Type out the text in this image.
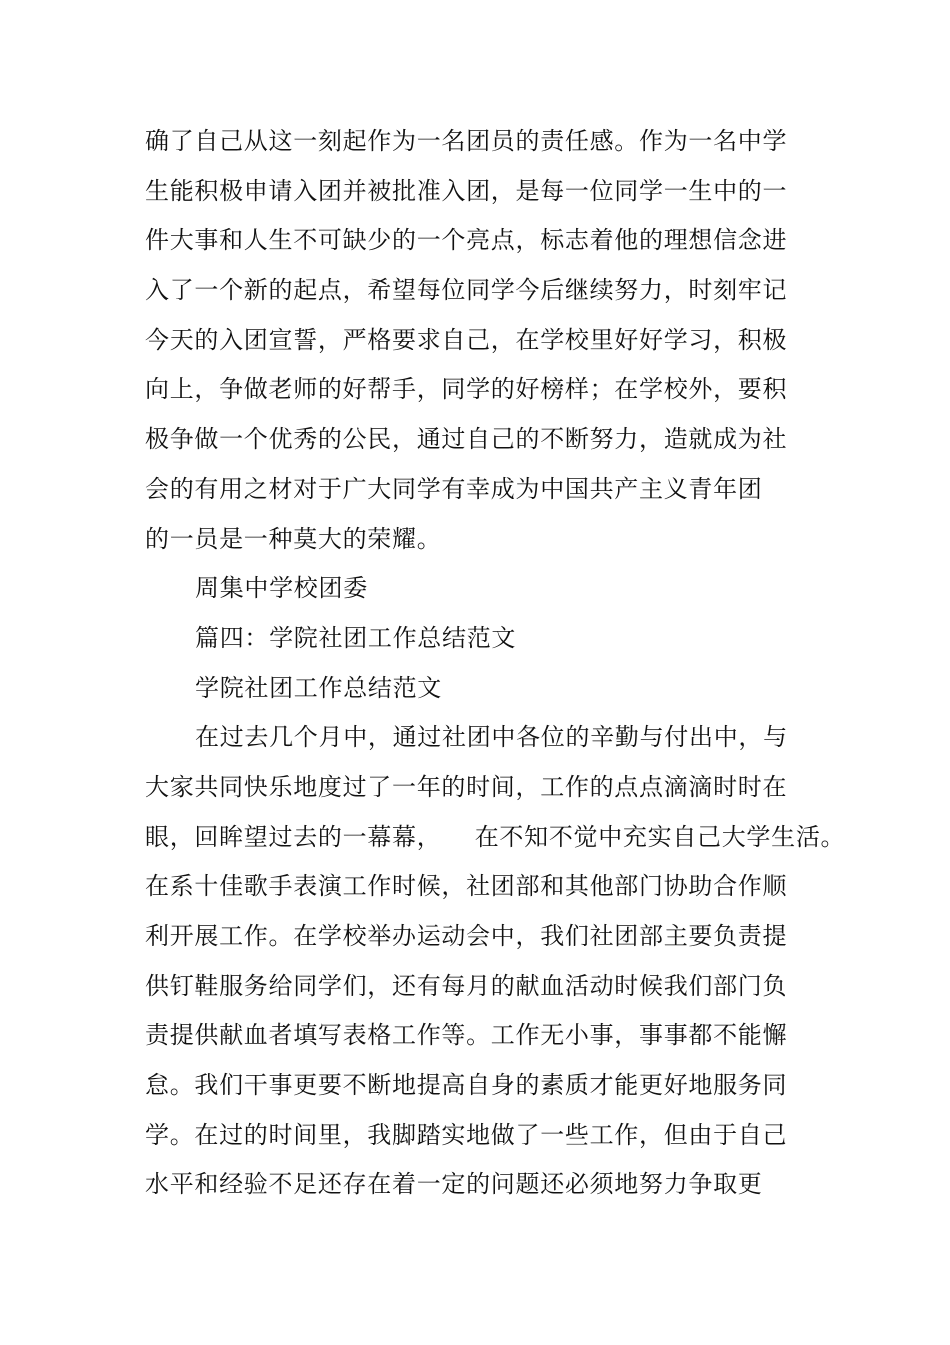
确了自己从这一刻起作为一名团员的责任感。作为一名中学
生能积极申请入团并被批准入团，是每一位同学一生中的一
件大事和人生不可缺少的一个亮点，标志着他的理想信念进
入了一个新的起点，希望每位同学今后继续努力，时刻牢记
今天的入团宣誓，严格要求自己，在学校里好好学习，积极
向上，争做老师的好帮手，同学的好榜样；在学校外，要积
极争做一个优秀的公民，通过自己的不断努力，造就成为社
会的有用之材对于广大同学有幸成为中国共产主义青年团
的一员是一种莫大的荣耀。
周集中学校团委
篇四：学院社团工作总结范文
学院社团工作总结范文
在过去几个月中，通过社团中各位的辛勤与付出中，与
大家共同快乐地度过了一年的时间，工作的点点滴滴时时在
眼，回眸望过去的一幕幕，    在不知不觉中充实自己大学生活。
在系十佳歌手表演工作时候，社团部和其他部门协助合作顺
利开展工作。在学校举办运动会中，我们社团部主要负责提
供钉鞋服务给同学们，还有每月的献血活动时候我们部门负
责提供献血者填写表格工作等。工作无小事，事事都不能懈
怠。我们干事更要不断地提高自身的素质才能更好地服务同
学。在过的时间里，我脚踏实地做了一些工作，但由于自己
水平和经验不足还存在着一定的问题还必须地努力争取更
